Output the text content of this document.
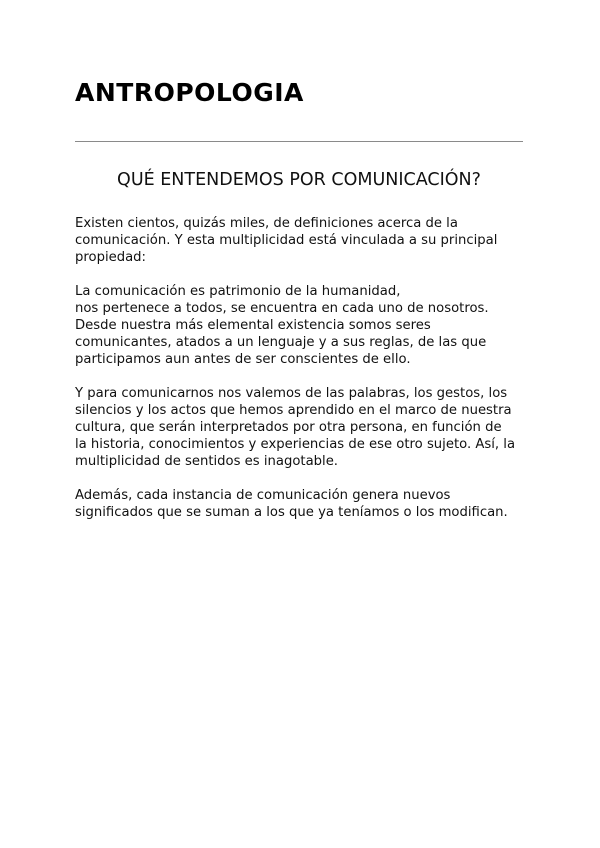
ANTROPOLOGIA
QUÉ ENTENDEMOS POR COMUNICACIÓN?

Existen cientos, quizás miles, de definiciones acerca de la
comunicación. Y esta multiplicidad está vinculada a su principal
propiedad:

La comunicación es patrimonio de la humanidad,
nos pertenece a todos, se encuentra en cada uno de nosotros.
Desde nuestra más elemental existencia somos seres
comunicantes, atados a un lenguaje y a sus reglas, de las que
participamos aun antes de ser conscientes de ello.

Y para comunicarnos nos valemos de las palabras, los gestos, los
silencios y los actos que hemos aprendido en el marco de nuestra
cultura, que serán interpretados por otra persona, en función de
la historia, conocimientos y experiencias de ese otro sujeto. Así, la
multiplicidad de sentidos es inagotable.

Además, cada instancia de comunicación genera nuevos
significados que se suman a los que ya teníamos o los modifican.
